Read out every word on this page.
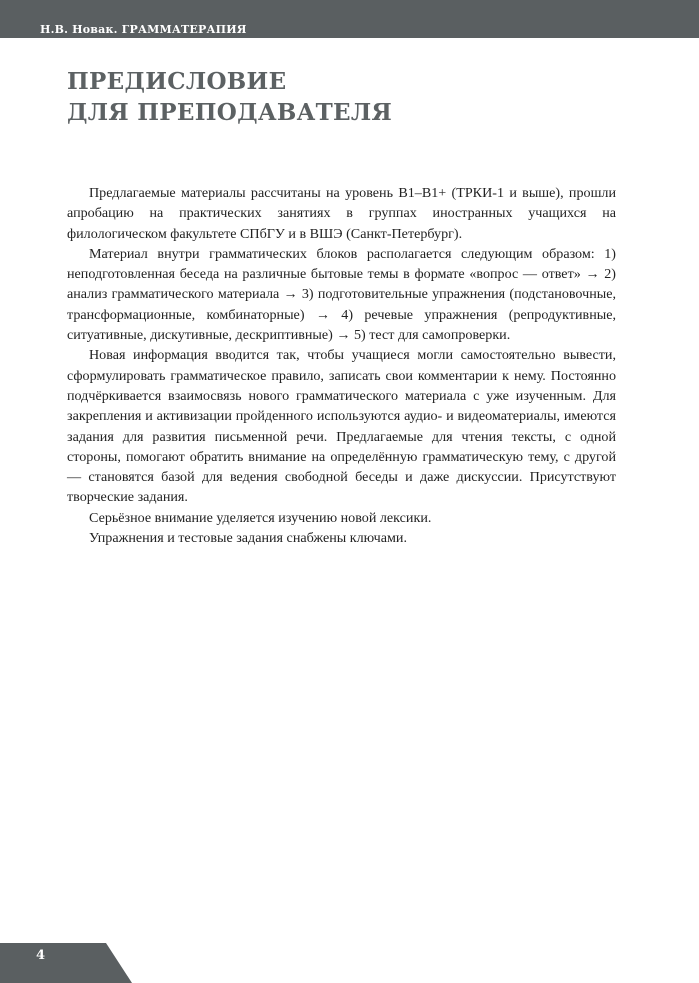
Н.В. Новак. ГРАММАТЕРАПИЯ
ПРЕДИСЛОВИЕ
ДЛЯ ПРЕПОДАВАТЕЛЯ

Предлагаемые материалы рассчитаны на уровень В1–В1+ (ТРКИ-1 и выше), прошли апробацию на практических занятиях в группах иностранных учащихся на филологическом факультете СПбГУ и в ВШЭ (Санкт-Петербург).

Материал внутри грамматических блоков располагается следующим образом: 1) неподготовленная беседа на различные бытовые темы в формате «вопрос — ответ» → 2) анализ грамматического материала → 3) подготовительные упражнения (подстановочные, трансформационные, комбинаторные) → 4) речевые упражнения (репродуктивные, ситуативные, дискутивные, дескриптивные) → 5) тест для самопроверки.

Новая информация вводится так, чтобы учащиеся могли самостоятельно вывести, сформулировать грамматическое правило, записать свои комментарии к нему. Постоянно подчёркивается взаимосвязь нового грамматического материала с уже изученным. Для закрепления и активизации пройденного используются аудио- и видеоматериалы, имеются задания для развития письменной речи. Предлагаемые для чтения тексты, с одной стороны, помогают обратить внимание на определённую грамматическую тему, с другой — становятся базой для ведения свободной беседы и даже дискуссии. Присутствуют творческие задания.

Серьёзное внимание уделяется изучению новой лексики.

Упражнения и тестовые задания снабжены ключами.

4
